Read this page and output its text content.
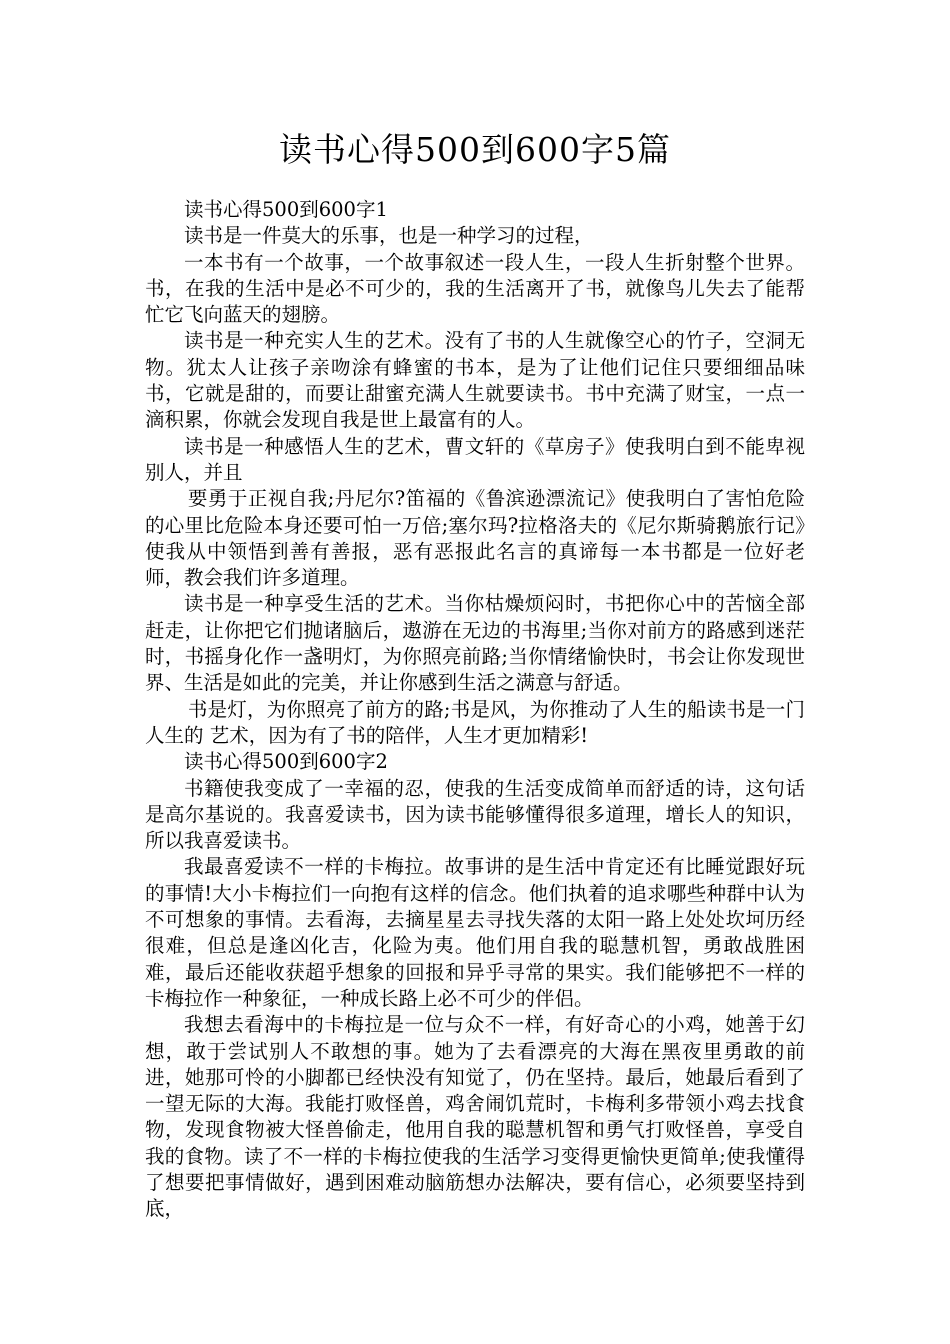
读书心得500到600字5篇

读书心得500到600字1

读书是一件莫大的乐事，也是一种学习的过程，

一本书有一个故事，一个故事叙述一段人生，一段人生折射整个世界。书，在我的生活中是必不可少的，我的生活离开了书，就像鸟儿失去了能帮忙它飞向蓝天的翅膀。

读书是一种充实人生的艺术。没有了书的人生就像空心的竹子，空洞无物。犹太人让孩子亲吻涂有蜂蜜的书本，是为了让他们记住只要细细品味书，它就是甜的，而要让甜蜜充满人生就要读书。书中充满了财宝，一点一滴积累，你就会发现自我是世上最富有的人。

读书是一种感悟人生的艺术，曹文轩的《草房子》使我明白到不能卑视别人，并且

要勇于正视自我;丹尼尔?笛福的《鲁滨逊漂流记》使我明白了害怕危险的心里比危险本身还要可怕一万倍;塞尔玛?拉格洛夫的《尼尔斯骑鹅旅行记》使我从中领悟到善有善报，恶有恶报此名言的真谛每一本书都是一位好老师，教会我们许多道理。

读书是一种享受生活的艺术。当你枯燥烦闷时，书把你心中的苦恼全部赶走，让你把它们抛诸脑后，遨游在无边的书海里;当你对前方的路感到迷茫时，书摇身化作一盏明灯，为你照亮前路;当你情绪愉快时，书会让你发现世界、生活是如此的完美，并让你感到生活之满意与舒适。

书是灯，为你照亮了前方的路;书是风，为你推动了人生的船读书是一门人生的 艺术，因为有了书的陪伴，人生才更加精彩!

读书心得500到600字2

书籍使我变成了一幸福的忍，使我的生活变成简单而舒适的诗，这句话是高尔基说的。我喜爱读书，因为读书能够懂得很多道理，增长人的知识，所以我喜爱读书。

我最喜爱读不一样的卡梅拉。故事讲的是生活中肯定还有比睡觉跟好玩的事情!大小卡梅拉们一向抱有这样的信念。他们执着的追求哪些种群中认为不可想象的事情。去看海，去摘星星去寻找失落的太阳一路上处处坎坷历经很难，但总是逢凶化吉，化险为夷。他们用自我的聪慧机智，勇敢战胜困难，最后还能收获超乎想象的回报和异乎寻常的果实。我们能够把不一样的卡梅拉作一种象征，一种成长路上必不可少的伴侣。

我想去看海中的卡梅拉是一位与众不一样，有好奇心的小鸡，她善于幻想，敢于尝试别人不敢想的事。她为了去看漂亮的大海在黑夜里勇敢的前进，她那可怜的小脚都已经快没有知觉了，仍在坚持。最后，她最后看到了一望无际的大海。我能打败怪兽，鸡舍闹饥荒时，卡梅利多带领小鸡去找食物，发现食物被大怪兽偷走，他用自我的聪慧机智和勇气打败怪兽，享受自我的食物。读了不一样的卡梅拉使我的生活学习变得更愉快更简单;使我懂得了想要把事情做好，遇到困难动脑筋想办法解决，要有信心，必须要坚持到底，
